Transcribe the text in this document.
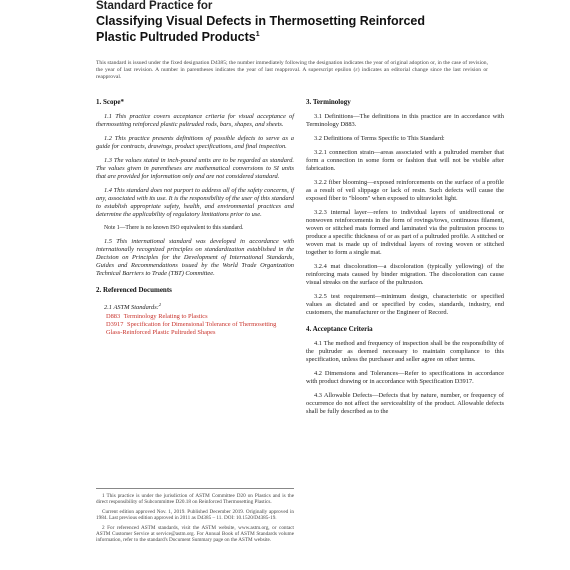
Standard Practice for
Classifying Visual Defects in Thermosetting Reinforced
Plastic Pultruded Products$^1$
This standard is issued under the fixed designation D4385; the number immediately following the designation indicates the year of original adoption or, in the case of revision, the year of last revision. A number in parentheses indicates the year of last reapproval. A superscript epsilon (ε) indicates an editorial change since the last revision or reapproval.
1. Scope*

1.1 This practice covers acceptance criteria for visual acceptance of thermosetting reinforced plastic pultruded rods, bars, shapes, and sheets.

1.2 This practice presents definitions of possible defects to serve as a guide for contracts, drawings, product specifications, and final inspection.

1.3 The values stated in inch-pound units are to be regarded as standard. The values given in parentheses are mathematical conversions to SI units that are provided for information only and are not considered standard.

1.4 This standard does not purport to address all of the safety concerns, if any, associated with its use. It is the responsibility of the user of this standard to establish appropriate safety, health, and environmental practices and determine the applicability of regulatory limitations prior to use.

Note 1—There is no known ISO equivalent to this standard.

1.5 This international standard was developed in accordance with internationally recognized principles on standardization established in the Decision on Principles for the Development of International Standards, Guides and Recommendations issued by the World Trade Organization Technical Barriers to Trade (TBT) Committee.

2. Referenced Documents

2.1 ASTM Standards:$^2$

D883 Terminology Relating to Plastics
D3917 Specification for Dimensional Tolerance of Thermosetting Glass-Reinforced Plastic Pultruded Shapes
3. Terminology

3.1 Definitions—The definitions in this practice are in accordance with Terminology D883.

3.2 Definitions of Terms Specific to This Standard:

3.2.1 connection strain—areas associated with a pultruded member that form a connection in some form or fashion that will not be visible after fabrication.

3.2.2 fiber blooming—exposed reinforcements on the surface of a profile as a result of veil slippage or lack of resin. Such defects will cause the exposed fiber to "bloom" when exposed to ultraviolet light.

3.2.3 internal layer—refers to individual layers of unidirectional or nonwoven reinforcements in the form of rovings/tows, continuous filament, woven or stitched mats formed and laminated via the pultrusion process to produce a specific thickness of or as part of a pultruded profile. A stitched or woven mat is made up of individual layers of roving woven or stitched together to form a single mat.

3.2.4 mat discoloration—a discoloration (typically yellowing) of the reinforcing mats caused by binder migration. The discoloration can cause visual streaks on the surface of the pultrusion.

3.2.5 test requirement—minimum design, characteristic or specified values as dictated and or specified by codes, standards, industry, end customers, the manufacturer or the Engineer of Record.

4. Acceptance Criteria

4.1 The method and frequency of inspection shall be the responsibility of the pultruder as deemed necessary to maintain compliance to this specification, unless the purchaser and seller agree on other terms.

4.2 Dimensions and Tolerances—Refer to specifications in accordance with product drawing or in accordance with Specification D3917.

4.3 Allowable Defects—Defects that by nature, number, or frequency of occurrence do not affect the serviceability of the product. Allowable defects shall be fully described as to the

1 This practice is under the jurisdiction of ASTM Committee D20 on Plastics and is the direct responsibility of Subcommittee D20.18 on Reinforced Thermosetting Plastics.

Current edition approved Nov. 1, 2019. Published December 2019. Originally approved in 1984. Last previous edition approved in 2011 as D4385 – 11. DOI: 10.1520/D4385-19.

2 For referenced ASTM standards, visit the ASTM website, www.astm.org, or contact ASTM Customer Service at service@astm.org. For Annual Book of ASTM Standards volume information, refer to the standard's Document Summary page on the ASTM website.
